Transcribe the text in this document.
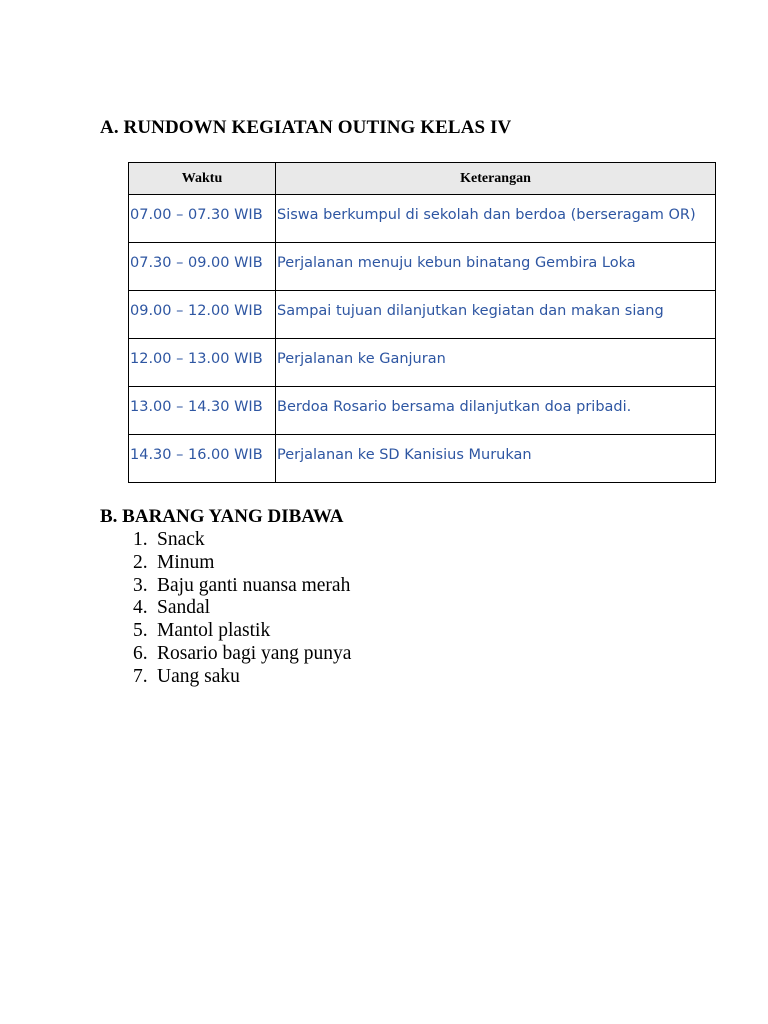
A. RUNDOWN KEGIATAN OUTING KELAS IV
Waktu	Keterangan
07.00 – 07.30 WIB	Siswa berkumpul di sekolah dan berdoa (berseragam OR)
07.30 – 09.00 WIB	Perjalanan menuju kebun binatang Gembira Loka
09.00 – 12.00 WIB	Sampai tujuan dilanjutkan kegiatan dan makan siang
12.00 – 13.00 WIB	Perjalanan ke Ganjuran
13.00 – 14.30 WIB	Berdoa Rosario bersama dilanjutkan doa pribadi.
14.30 – 16.00 WIB	Perjalanan ke SD Kanisius Murukan
B. BARANG YANG DIBAWA
1. Snack
2. Minum
3. Baju ganti nuansa merah
4. Sandal
5. Mantol plastik
6. Rosario bagi yang punya
7. Uang saku
